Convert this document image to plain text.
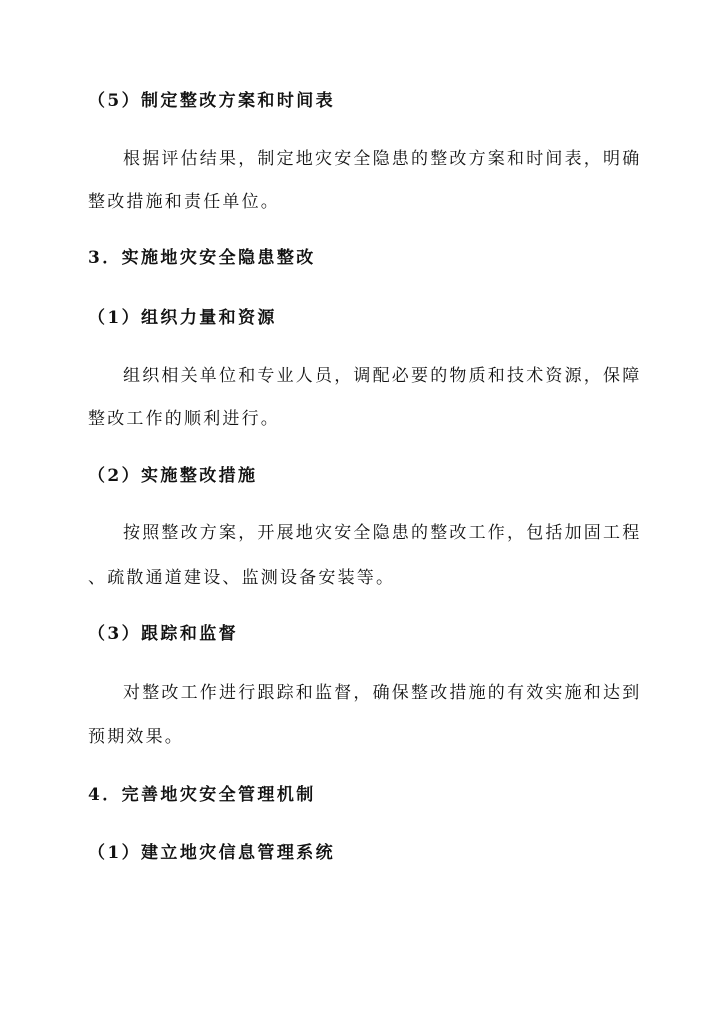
（5）制定整改方案和时间表
根据评估结果，制定地灾安全隐患的整改方案和时间表，明确
整改措施和责任单位。
3．实施地灾安全隐患整改
（1）组织力量和资源
组织相关单位和专业人员，调配必要的物质和技术资源，保障
整改工作的顺利进行。
（2）实施整改措施
按照整改方案，开展地灾安全隐患的整改工作，包括加固工程
、疏散通道建设、监测设备安装等。
（3）跟踪和监督
对整改工作进行跟踪和监督，确保整改措施的有效实施和达到
预期效果。
4．完善地灾安全管理机制
（1）建立地灾信息管理系统
